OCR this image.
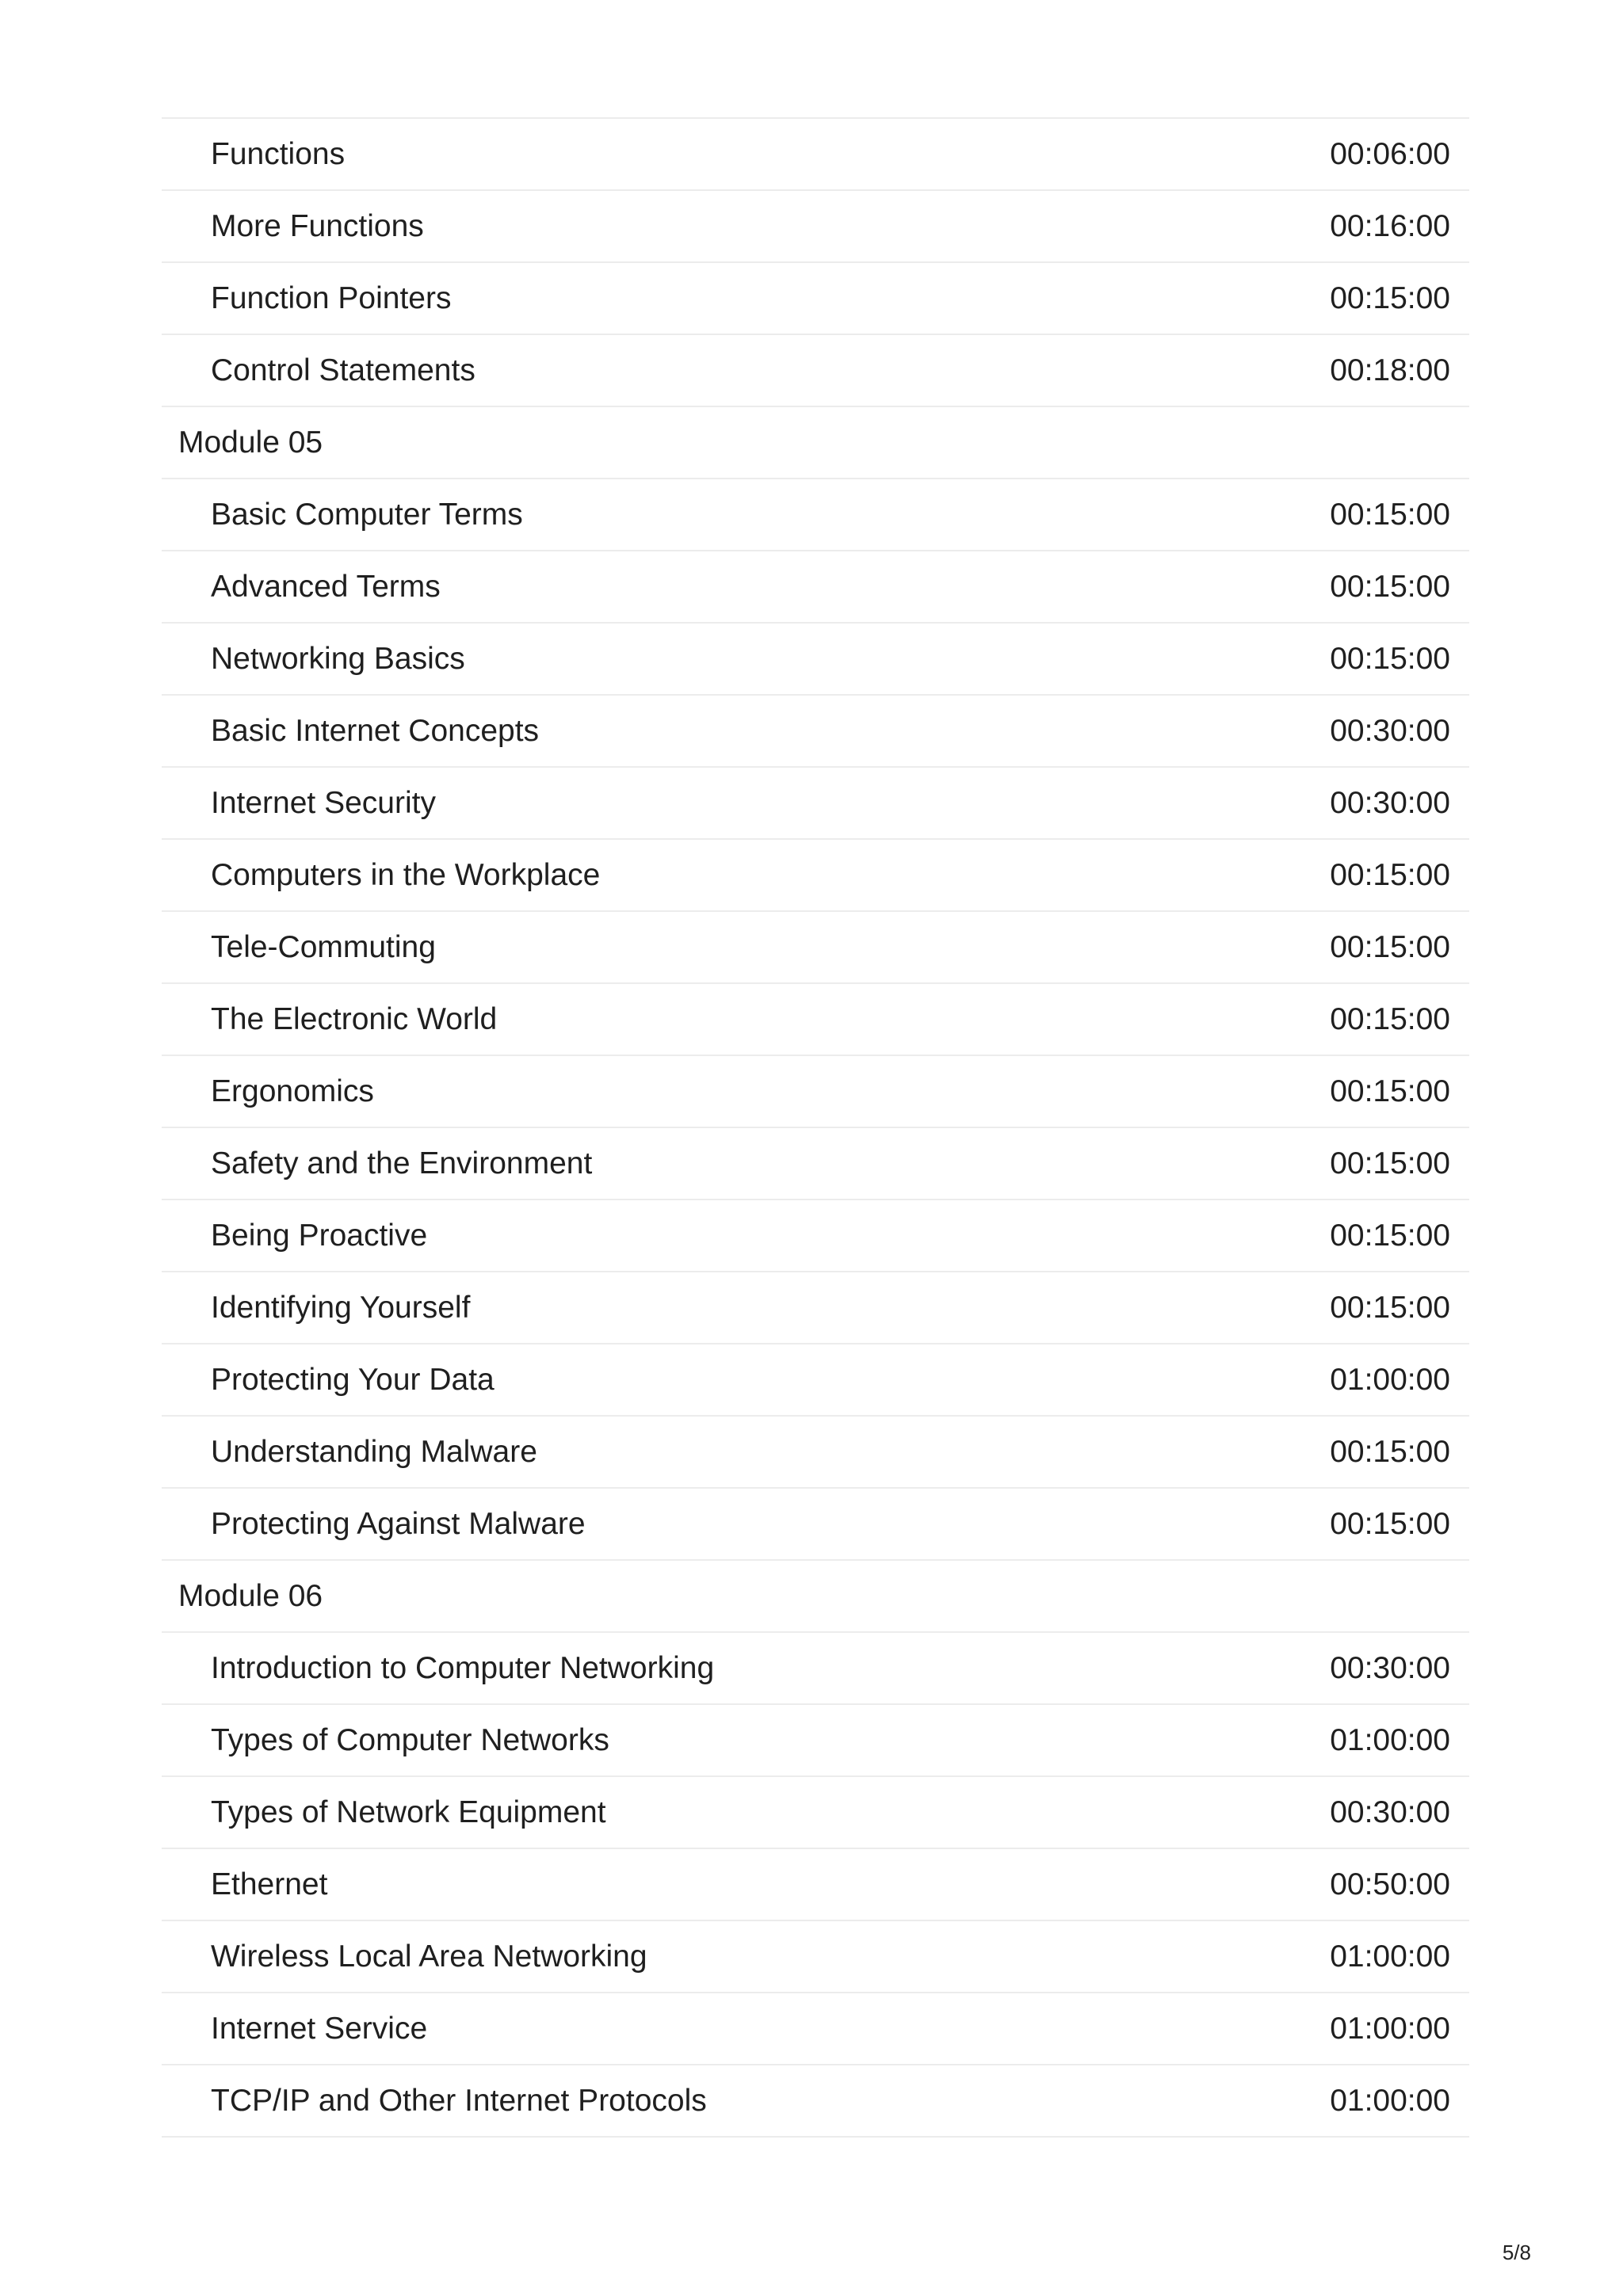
Functions	00:06:00
More Functions	00:16:00
Function Pointers	00:15:00
Control Statements	00:18:00
Module 05
Basic Computer Terms	00:15:00
Advanced Terms	00:15:00
Networking Basics	00:15:00
Basic Internet Concepts	00:30:00
Internet Security	00:30:00
Computers in the Workplace	00:15:00
Tele-Commuting	00:15:00
The Electronic World	00:15:00
Ergonomics	00:15:00
Safety and the Environment	00:15:00
Being Proactive	00:15:00
Identifying Yourself	00:15:00
Protecting Your Data	01:00:00
Understanding Malware	00:15:00
Protecting Against Malware	00:15:00
Module 06
Introduction to Computer Networking	00:30:00
Types of Computer Networks	01:00:00
Types of Network Equipment	00:30:00
Ethernet	00:50:00
Wireless Local Area Networking	01:00:00
Internet Service	01:00:00
TCP/IP and Other Internet Protocols	01:00:00
5/8
